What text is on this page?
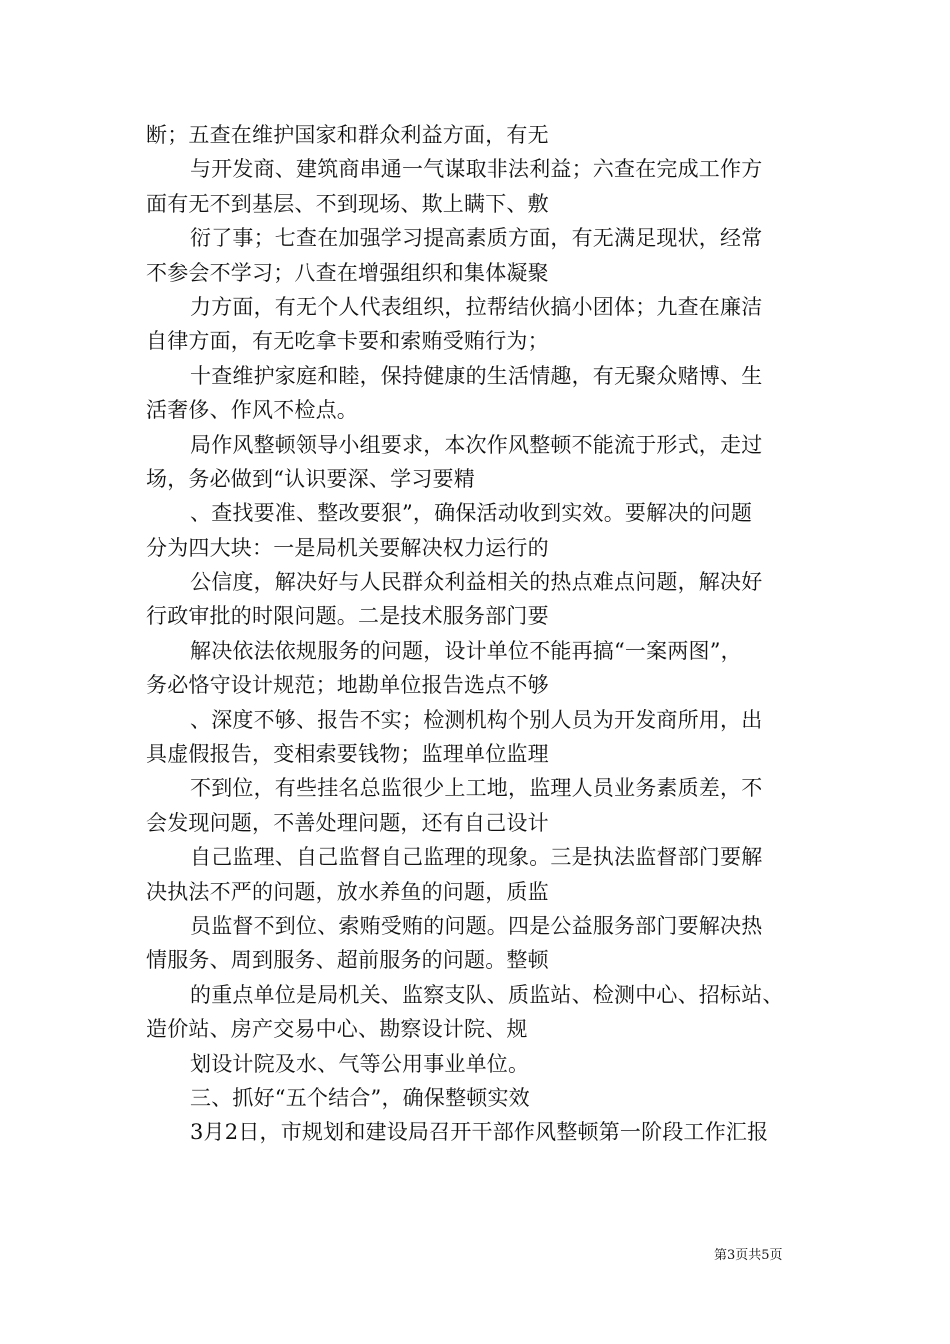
断；五查在维护国家和群众利益方面，有无
与开发商、建筑商串通一气谋取非法利益；六查在完成工作方
面有无不到基层、不到现场、欺上瞒下、敷
衍了事；七查在加强学习提高素质方面，有无满足现状，经常
不参会不学习；八查在增强组织和集体凝聚
力方面，有无个人代表组织，拉帮结伙搞小团体；九查在廉洁
自律方面，有无吃拿卡要和索贿受贿行为；
十查维护家庭和睦，保持健康的生活情趣，有无聚众赌博、生
活奢侈、作风不检点。
局作风整顿领导小组要求，本次作风整顿不能流于形式，走过
场，务必做到“认识要深、学习要精
、查找要准、整改要狠”，确保活动收到实效。要解决的问题
分为四大块：一是局机关要解决权力运行的
公信度，解决好与人民群众利益相关的热点难点问题，解决好
行政审批的时限问题。二是技术服务部门要
解决依法依规服务的问题，设计单位不能再搞“一案两图”，
务必恪守设计规范；地勘单位报告选点不够
、深度不够、报告不实；检测机构个别人员为开发商所用，出
具虚假报告，变相索要钱物；监理单位监理
不到位，有些挂名总监很少上工地，监理人员业务素质差，不
会发现问题，不善处理问题，还有自己设计
自己监理、自己监督自己监理的现象。三是执法监督部门要解
决执法不严的问题，放水养鱼的问题，质监
员监督不到位、索贿受贿的问题。四是公益服务部门要解决热
情服务、周到服务、超前服务的问题。整顿
的重点单位是局机关、监察支队、质监站、检测中心、招标站、
造价站、房产交易中心、勘察设计院、规
划设计院及水、气等公用事业单位。
三、抓好“五个结合”，确保整顿实效
3月2日，市规划和建设局召开干部作风整顿第一阶段工作汇报
第3页共5页
